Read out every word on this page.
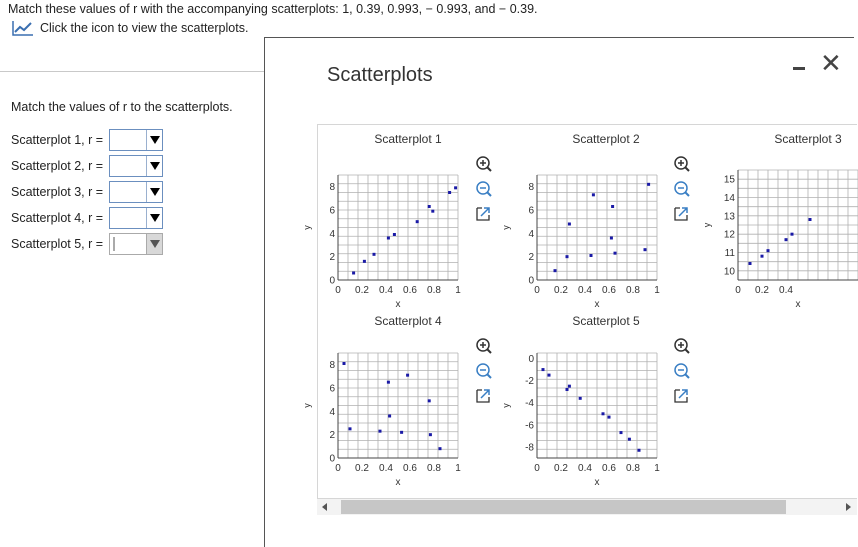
Match these values of r with the accompanying scatterplots: 1, 0.39, 0.993, − 0.993, and − 0.39.
Click the icon to view the scatterplots.
Match the values of r to the scatterplots.
Scatterplot 1, r =
Scatterplot 2, r =
Scatterplot 3, r =
Scatterplot 4, r =
Scatterplot 5, r =
Scatterplots	✕
Scatterplot 1
0 0.2 0.4 0.6 0.8 1
x
0
2
4
6
8
y
Scatterplot 2
0 0.2 0.4 0.6 0.8 1
x
0
2
4
6
8
y
Scatterplot 3
0 0.2 0.4
x
10
11
12
13
14
15
y
Scatterplot 4
0 0.2 0.4 0.6 0.8 1
x
0
2
4
6
8
y
Scatterplot 5
0 0.2 0.4 0.6 0.8 1
x
0
-2
-4
-6
-8
y
